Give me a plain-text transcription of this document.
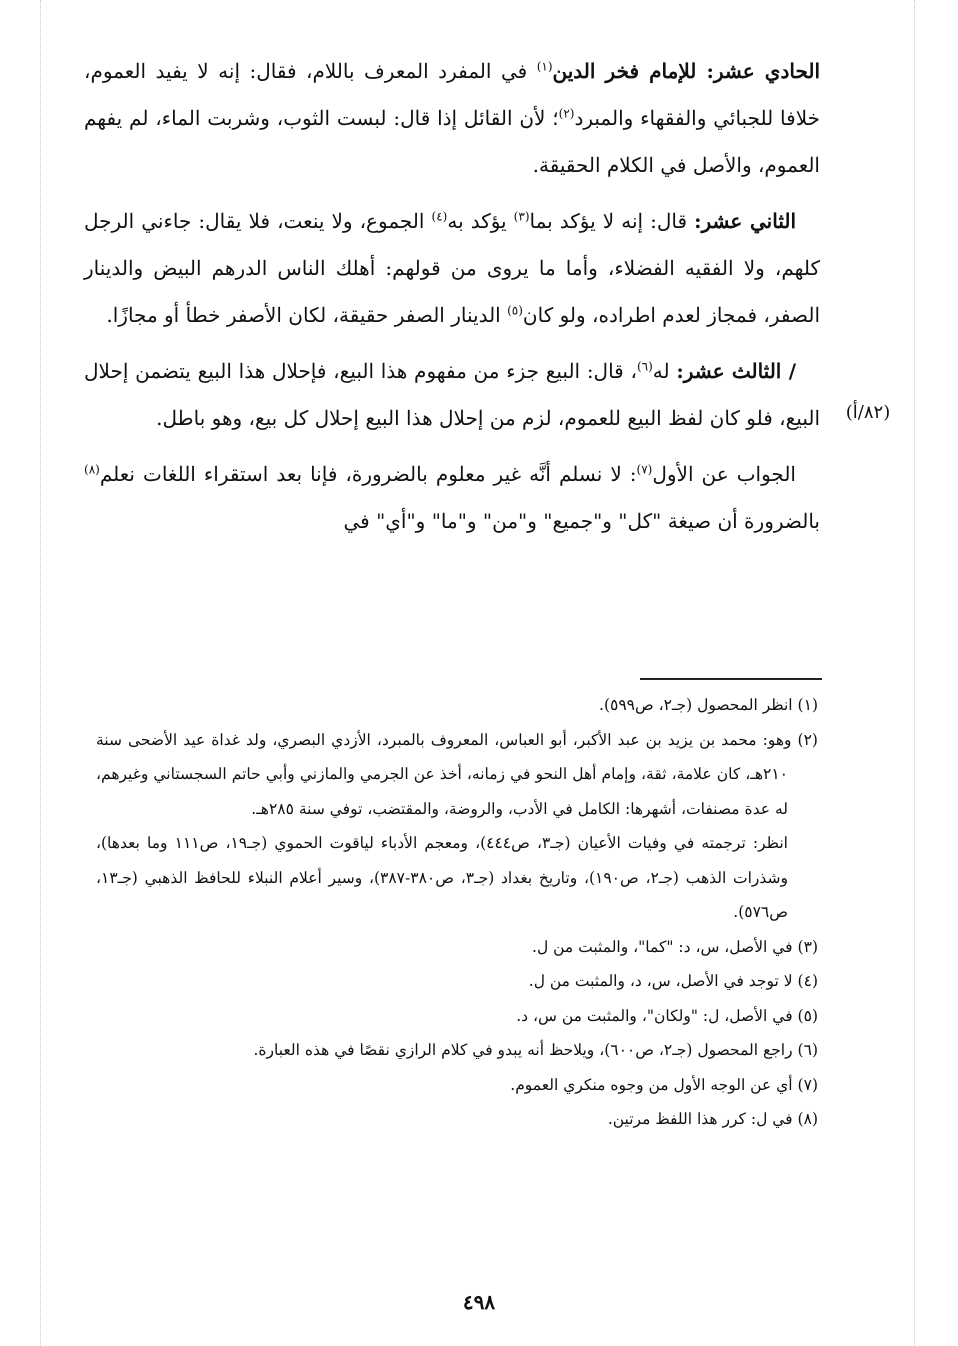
الحادي عشر: للإمام فخر الدين$^{(١)}$ في المفرد المعرف باللام، فقال: إنه لا يفيد العموم، خلافا للجبائي والفقهاء والمبرد$^{(٢)}$؛ لأن القائل إذا قال: لبست الثوب، وشربت الماء، لم يفهم العموم، والأصل في الكلام الحقيقة.

الثاني عشر: قال: إنه لا يؤكد بما$^{(٣)}$ يؤكد به$^{(٤)}$ الجموع، ولا ينعت، فلا يقال: جاءني الرجل كلهم، ولا الفقيه الفضلاء، وأما ما يروى من قولهم: أهلك الناس الدرهم البيض والدينار الصفر، فمجاز لعدم اطراده، ولو كان$^{(٥)}$ الدينار الصفر حقيقة، لكان الأصفر خطأ أو مجازًا.

/ الثالث عشر: له$^{(٦)}$، قال: البيع جزء من مفهوم هذا البيع، فإحلال هذا البيع يتضمن إحلال البيع، فلو كان لفظ البيع للعموم، لزم من إحلال هذا البيع إحلال كل بيع، وهو باطل.

الجواب عن الأول$^{(٧)}$: لا نسلم أنَّه غير معلوم بالضرورة، فإنا بعد استقراء اللغات نعلم$^{(٨)}$ بالضرورة أن صيغة "كل" و"جميع" و"من" و"ما" و"أي" في

(٨٢/أ)

(١) انظر المحصول (جـ٢، ص٥٩٩).

(٢) وهو: محمد بن يزيد بن عبد الأكبر، أبو العباس، المعروف بالمبرد، الأزدي البصري، ولد غداة عيد الأضحى سنة ٢١٠هـ، كان علامة، ثقة، وإمام أهل النحو في زمانه، أخذ عن الجرمي والمازني وأبي حاتم السجستاني وغيرهم، له عدة مصنفات، أشهرها: الكامل في الأدب، والروضة، والمقتضب، توفي سنة ٢٨٥هـ.

انظر: ترجمته في وفيات الأعيان (جـ٣، ص٤٤٤)، ومعجم الأدباء لياقوت الحموي (جـ١٩، ص١١١ وما بعدها)، وشذرات الذهب (جـ٢، ص١٩٠)، وتاريخ بغداد (جـ٣، ص٣٨٠-٣٨٧)، وسير أعلام النبلاء للحافظ الذهبي (جـ١٣، ص٥٧٦).

(٣) في الأصل، س، د: "كما"، والمثبت من ل.

(٤) لا توجد في الأصل، س، د، والمثبت من ل.

(٥) في الأصل، ل: "ولكان"، والمثبت من س، د.

(٦) راجع المحصول (جـ٢، ص٦٠٠)، ويلاحظ أنه يبدو في كلام الرازي نقصًا في هذه العبارة.

(٧) أي عن الوجه الأول من وجوه منكري العموم.

(٨) في ل: كرر هذا اللفظ مرتين.

٤٩٨
